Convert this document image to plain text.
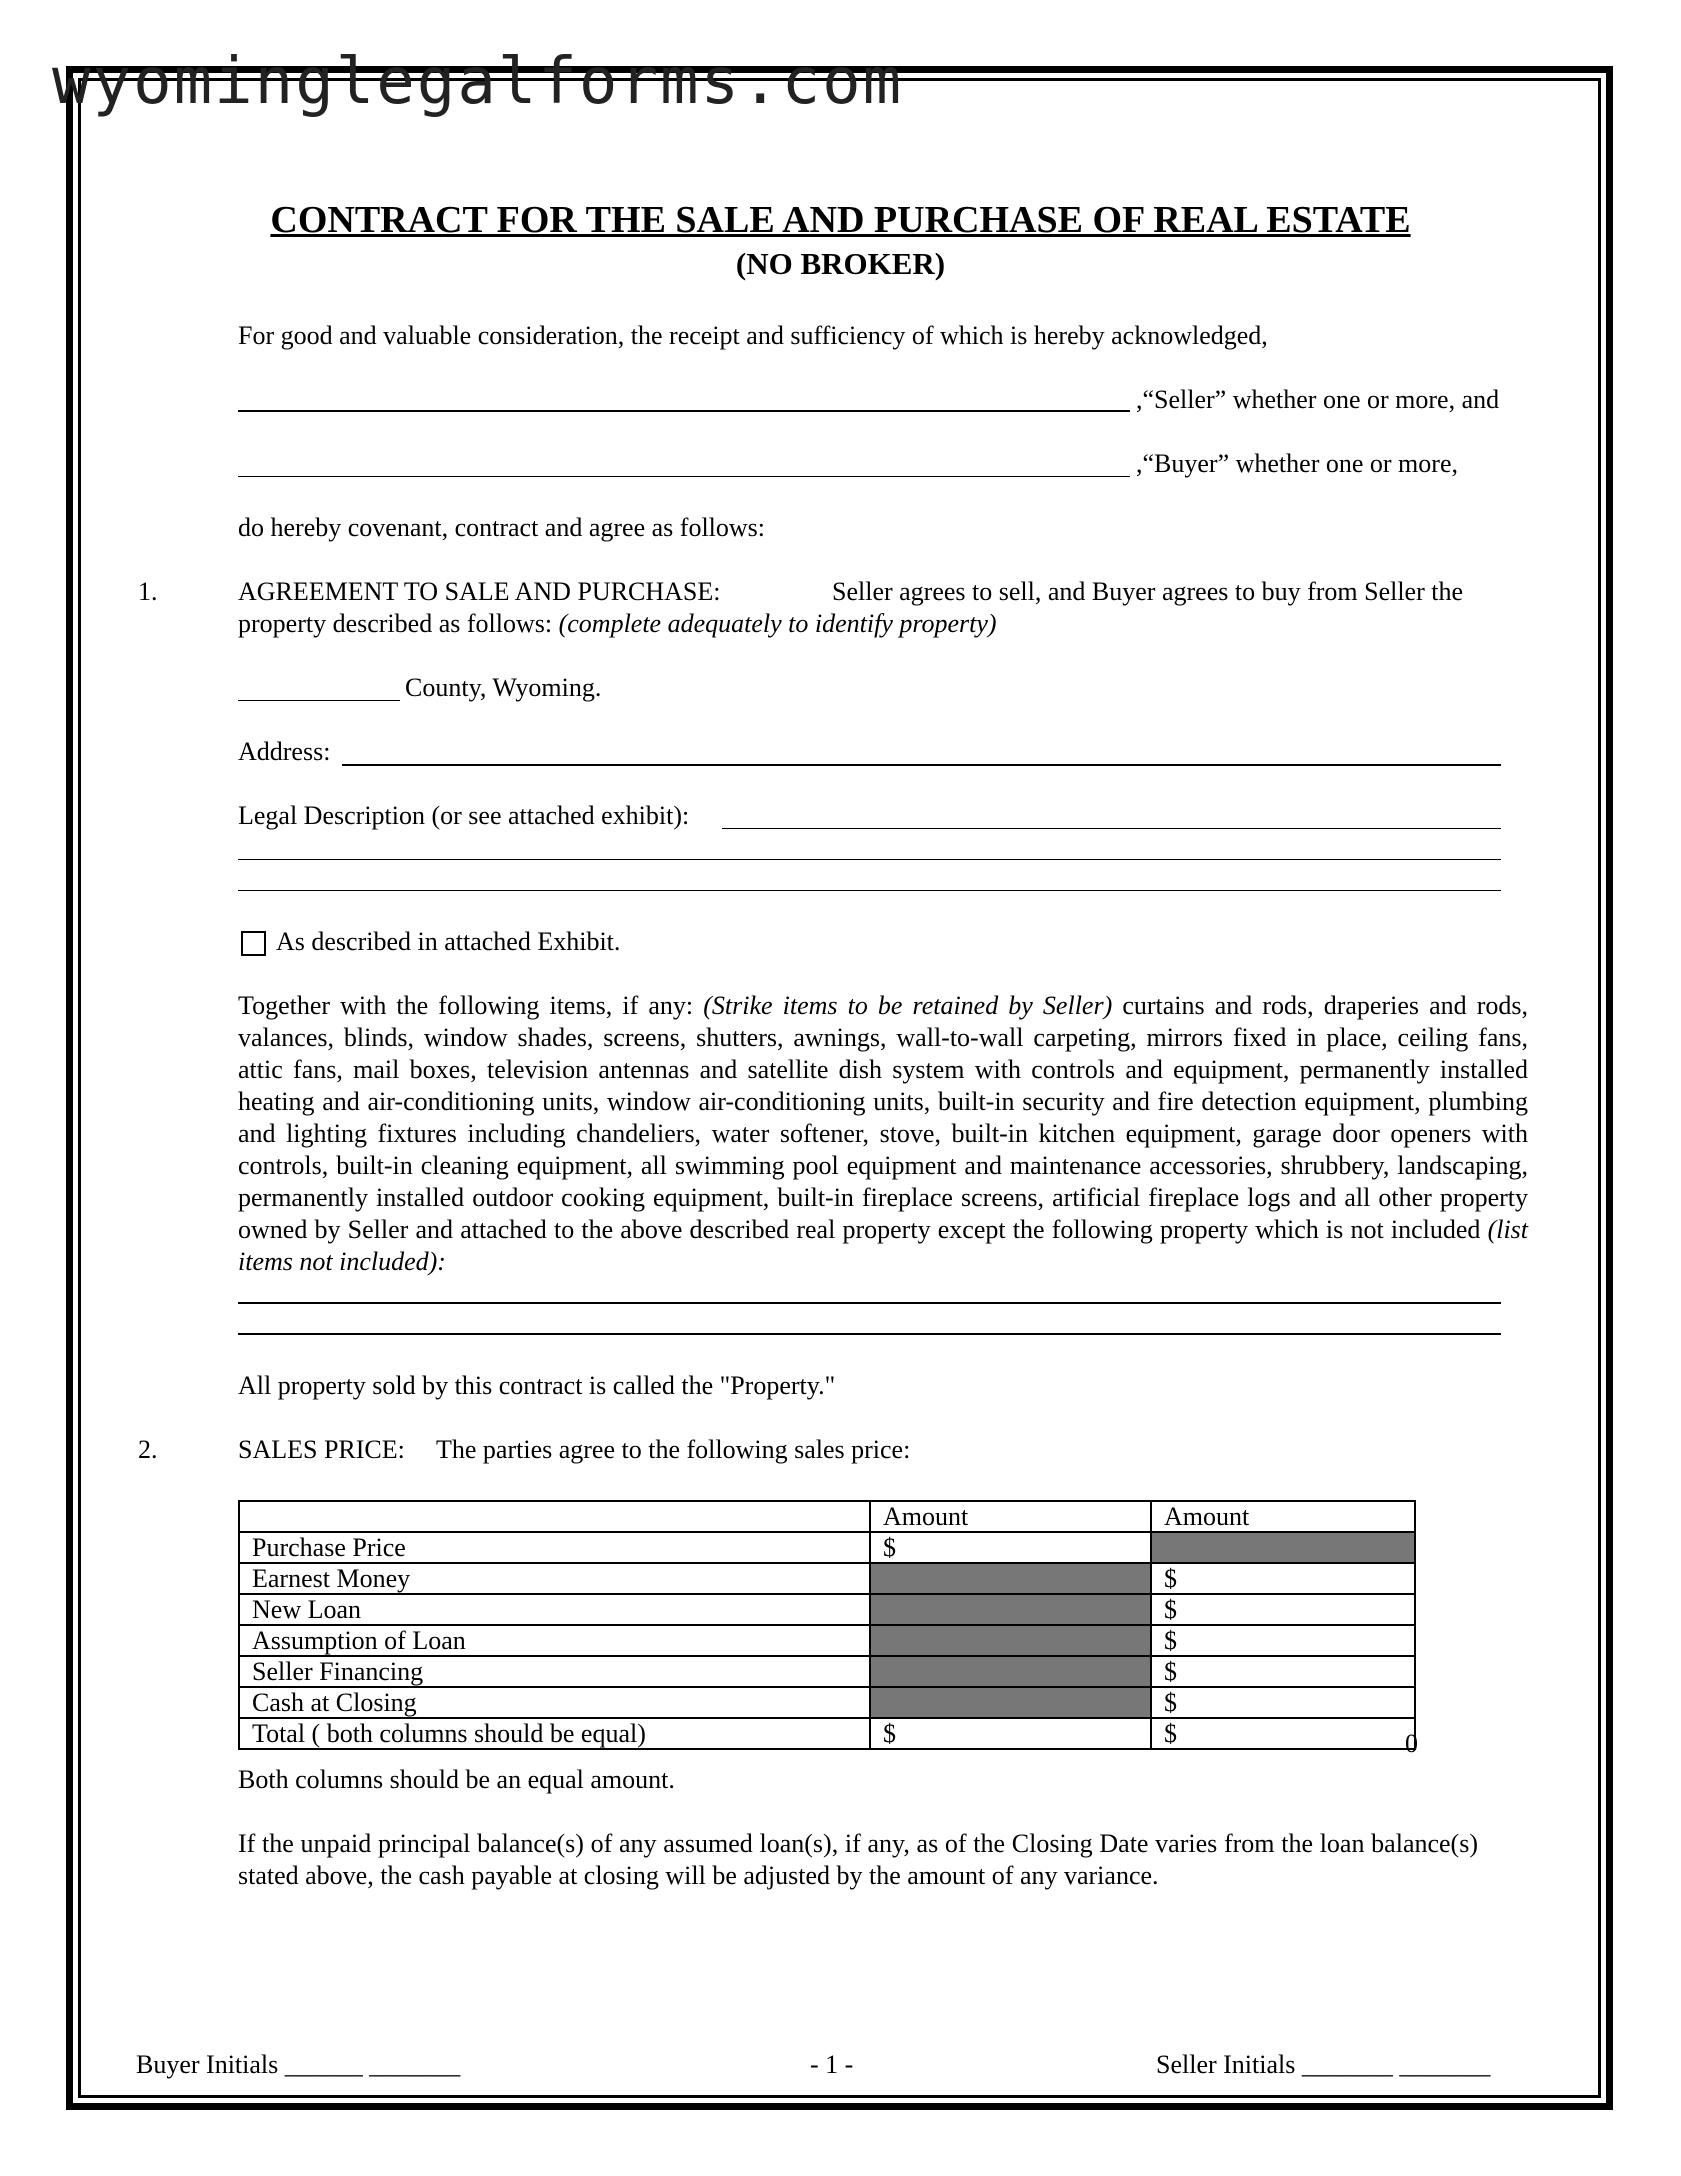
wyominglegalforms.com
CONTRACT FOR THE SALE AND PURCHASE OF REAL ESTATE
(NO BROKER)
For good and valuable consideration, the receipt and sufficiency of which is hereby acknowledged,
,“Seller” whether one or more, and
,“Buyer” whether one or more,
do hereby covenant, contract and agree as follows:
1.	AGREEMENT TO SALE AND PURCHASE:	Seller agrees to sell, and Buyer agrees to buy from Seller the
property described as follows: (complete adequately to identify property)
County, Wyoming.
Address:
Legal Description (or see attached exhibit):
As described in attached Exhibit.
Together with the following items, if any: (Strike items to be retained by Seller) curtains and rods, draperies and rods, valances, blinds, window shades, screens, shutters, awnings, wall-to-wall carpeting, mirrors fixed in place, ceiling fans, attic fans, mail boxes, television antennas and satellite dish system with controls and equipment, permanently installed heating and air-conditioning units, window air-conditioning units, built-in security and fire detection equipment, plumbing and lighting fixtures including chandeliers, water softener, stove, built-in kitchen equipment, garage door openers with controls, built-in cleaning equipment, all swimming pool equipment and maintenance accessories, shrubbery, landscaping, permanently installed outdoor cooking equipment, built-in fireplace screens, artificial fireplace logs and all other property owned by Seller and attached to the above described real property except the following property which is not included (list items not included):
All property sold by this contract is called the "Property."
2.	SALES PRICE: The parties agree to the following sales price:
	Amount	Amount
Purchase Price	$	
Earnest Money		$
New Loan		$
Assumption of Loan		$
Seller Financing		$
Cash at Closing		$
Total ( both columns should be equal)	$	$ 0
Both columns should be an equal amount.
If the unpaid principal balance(s) of any assumed loan(s), if any, as of the Closing Date varies from the loan balance(s) stated above, the cash payable at closing will be adjusted by the amount of any variance.
Buyer Initials ______ _______	- 1 -	Seller Initials _______ _______
